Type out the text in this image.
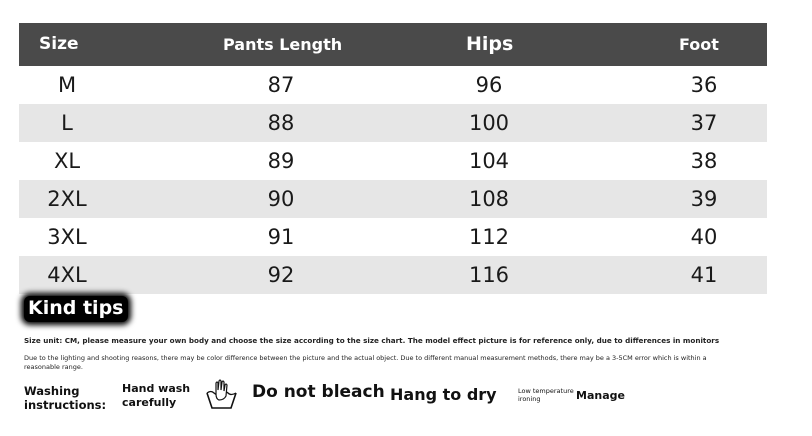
Size	Pants Length	Hips	Foot
M	87	96	36
L	88	100	37
XL	89	104	38
2XL	90	108	39
3XL	91	112	40
4XL	92	116	41
Kind tips
Size unit: CM, please measure your own body and choose the size according to the size chart. The model effect picture is for reference only, due to differences in monitors
Due to the lighting and shooting reasons, there may be color difference between the picture and the actual object. Due to different manual measurement methods, there may be a 3-5CM error which is within a reasonable range.
Washing
instructions:
Hand wash
carefully
Do not bleach Hang to dry	Low temperature
ironing	Manage
